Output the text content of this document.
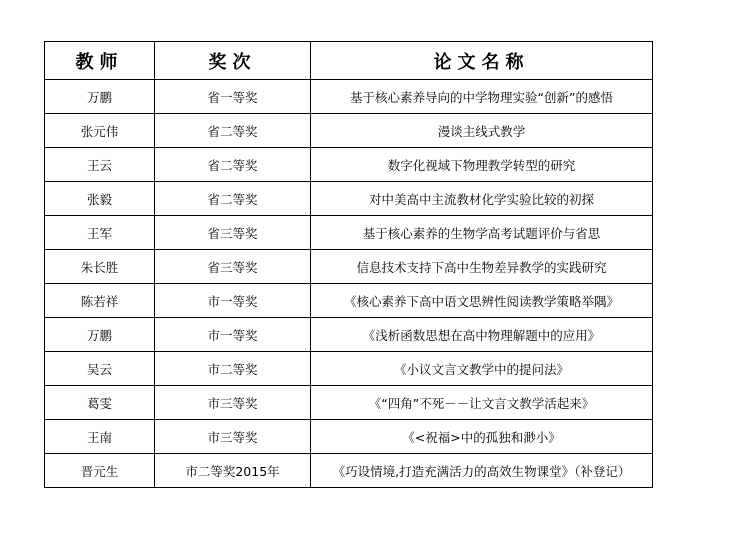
教师	奖次	论文名称
万鹏	省一等奖	基于核心素养导向的中学物理实验“创新”的感悟
张元伟	省二等奖	漫谈主线式教学
王云	省二等奖	数字化视域下物理教学转型的研究
张毅	省二等奖	对中美高中主流教材化学实验比较的初探
王军	省三等奖	基于核心素养的生物学高考试题评价与省思
朱长胜	省三等奖	信息技术支持下高中生物差异教学的实践研究
陈若祥	市一等奖	《核心素养下高中语文思辨性阅读教学策略举隅》
万鹏	市一等奖	《浅析函数思想在高中物理解题中的应用》
吴云	市二等奖	《小议文言文教学中的提问法》
葛雯	市三等奖	《“四角”不死－－让文言文教学活起来》
王南	市三等奖	《<祝福>中的孤独和渺小》
晋元生	市二等奖2015年	《巧设情境,打造充满活力的高效生物课堂》（补登记）
